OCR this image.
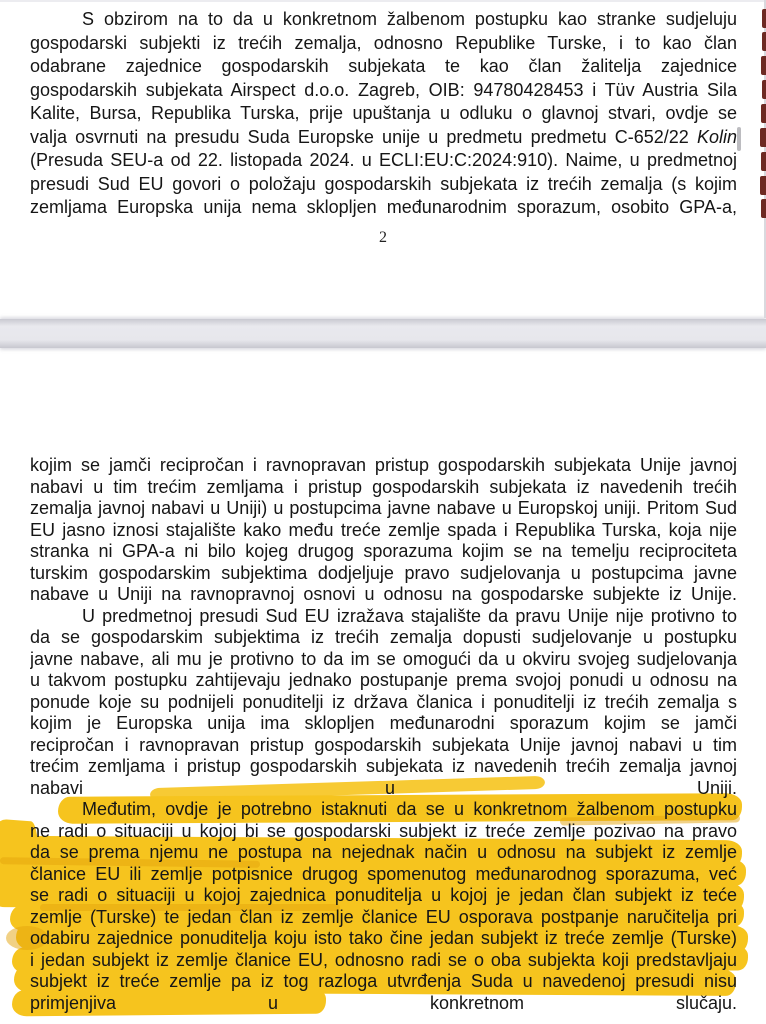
S obzirom na to da u konkretnom žalbenom postupku kao stranke sudjeluju
gospodarski subjekti iz trećih zemalja, odnosno Republike Turske, i to kao član
odabrane zajednice gospodarskih subjekata te kao član žalitelja zajednice
gospodarskih subjekata Airspect d.o.o. Zagreb, OIB: 94780428453 i Tüv Austria Sila
Kalite, Bursa, Republika Turska, prije upuštanja u odluku o glavnoj stvari, ovdje se
valja osvrnuti na presudu Suda Europske unije u predmetu predmetu C-652/22 Kolin
(Presuda SEU-a od 22. listopada 2024. u ECLI:EU:C:2024:910). Naime, u predmetnoj
presudi Sud EU govori o položaju gospodarskih subjekata iz trećih zemalja (s kojim
zemljama Europska unija nema sklopljen međunarodnim sporazum, osobito GPA-a,
2
kojim se jamči recipročan i ravnopravan pristup gospodarskih subjekata Unije javnoj
nabavi u tim trećim zemljama i pristup gospodarskih subjekata iz navedenih trećih
zemalja javnoj nabavi u Uniji) u postupcima javne nabave u Europskoj uniji. Pritom Sud
EU jasno iznosi stajalište kako među treće zemlje spada i Republika Turska, koja nije
stranka ni GPA-a ni bilo kojeg drugog sporazuma kojim se na temelju reciprociteta
turskim gospodarskim subjektima dodjeljuje pravo sudjelovanja u postupcima javne
nabave u Uniji na ravnopravnoj osnovi u odnosu na gospodarske subjekte iz Unije.
U predmetnoj presudi Sud EU izražava stajalište da pravu Unije nije protivno to
da se gospodarskim subjektima iz trećih zemalja dopusti sudjelovanje u postupku
javne nabave, ali mu je protivno to da im se omogući da u okviru svojeg sudjelovanja
u takvom postupku zahtijevaju jednako postupanje prema svojoj ponudi u odnosu na
ponude koje su podnijeli ponuditelji iz država članica i ponuditelji iz trećih zemalja s
kojim je Europska unija ima sklopljen međunarodni sporazum kojim se jamči
recipročan i ravnopravan pristup gospodarskih subjekata Unije javnoj nabavi u tim
trećim zemljama i pristup gospodarskih subjekata iz navedenih trećih zemalja javnoj
nabavi u Uniji.
Međutim, ovdje je potrebno istaknuti da se u konkretnom žalbenom postupku
ne radi o situaciji u kojoj bi se gospodarski subjekt iz treće zemlje pozivao na pravo
da se prema njemu ne postupa na nejednak način u odnosu na subjekt iz zemlje
članice EU ili zemlje potpisnice drugog spomenutog međunarodnog sporazuma, već
se radi o situaciji u kojoj zajednica ponuditelja u kojoj je jedan član subjekt iz teće
zemlje (Turske) te jedan član iz zemlje članice EU osporava postpanje naručitelja pri
odabiru zajednice ponuditelja koju isto tako čine jedan subjekt iz treće zemlje (Turske)
i jedan subjekt iz zemlje članice EU, odnosno radi se o oba subjekta koji predstavljaju
subjekt iz treće zemlje pa iz tog razloga utvrđenja Suda u navedenoj presudi nisu
primjenjiva u konkretnom slučaju.
